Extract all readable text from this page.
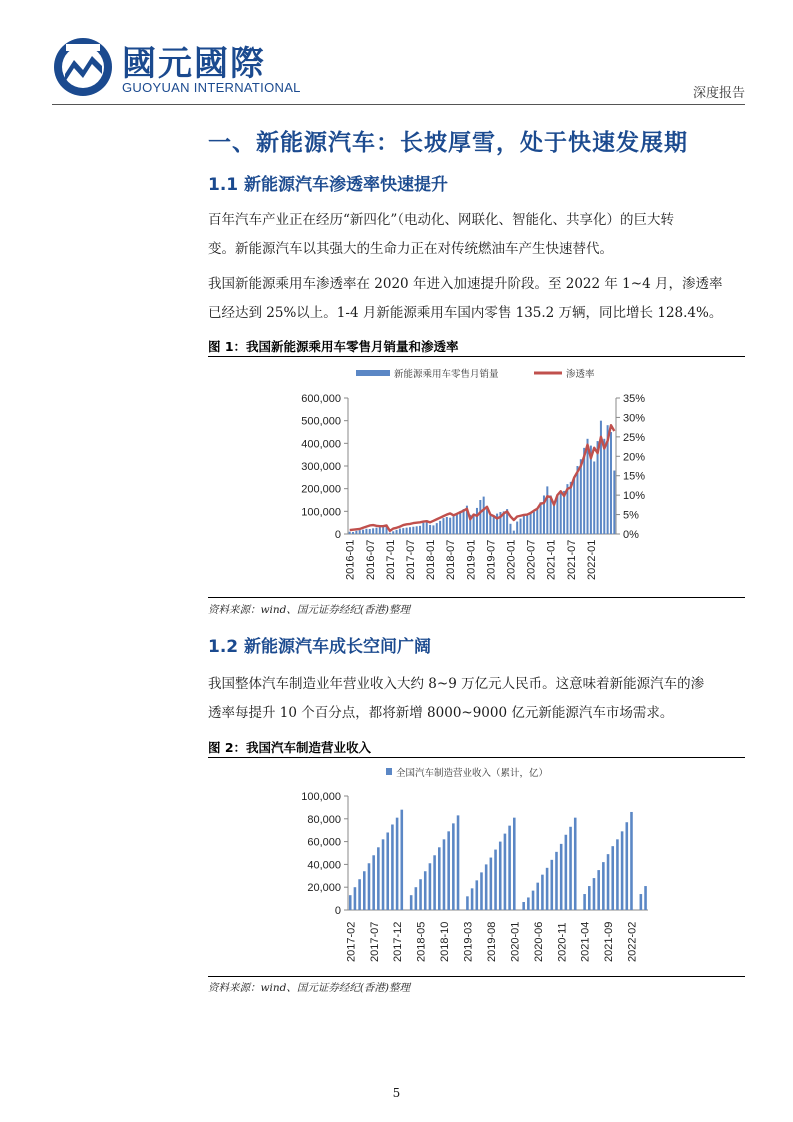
國元國際
GUOYUAN INTERNATIONAL	深度报告
一、新能源汽车：长坡厚雪，处于快速发展期
1.1 新能源汽车渗透率快速提升
百年汽车产业正在经历“新四化”（电动化、网联化、智能化、共享化）的巨大转
变。新能源汽车以其强大的生命力正在对传统燃油车产生快速替代。
我国新能源乘用车渗透率在 2020 年进入加速提升阶段。至 2022 年 1~4 月，渗透率
已经达到 25%以上。1-4 月新能源乘用车国内零售 135.2 万辆，同比增长 128.4%。
图 1：我国新能源乘用车零售月销量和渗透率
新能源乘用车零售月销量	渗透率
0
100,000
200,000
300,000
400,000
500,000
600,000
0%
5%
10%
15%
20%
25%
30%
35%
2016-01 2016-07 2017-01 2017-07 2018-01 2018-07 2019-01 2019-07 2020-01 2020-07 2021-01 2021-07 2022-01
资料来源：wind、国元证券经纪(香港)整理
1.2 新能源汽车成长空间广阔
我国整体汽车制造业年营业收入大约 8~9 万亿元人民币。这意味着新能源汽车的渗
透率每提升 10 个百分点，都将新增 8000~9000 亿元新能源汽车市场需求。
图 2：我国汽车制造营业收入
全国汽车制造营业收入（累计，亿）
0
20,000
40,000
60,000
80,000
100,000
2017-02 2017-07 2017-12 2018-05 2018-10 2019-03 2019-08 2020-01 2020-06 2020-11 2021-04 2021-09 2022-02
资料来源：wind、国元证券经纪(香港)整理
5
